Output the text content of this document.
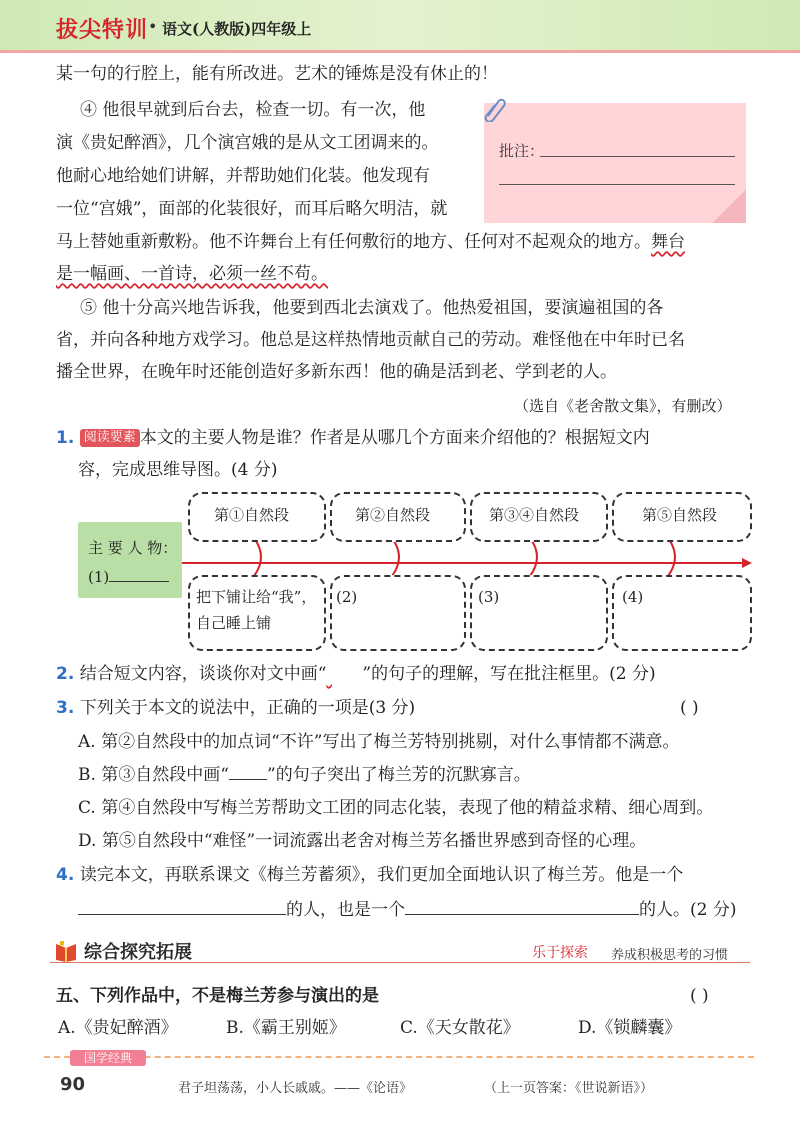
拔尖特训 • 语文(人教版)四年级上
某一句的行腔上，能有所改进。艺术的锤炼是没有休止的！
④ 他很早就到后台去，检查一切。有一次，他
演《贵妃醉酒》，几个演宫娥的是从文工团调来的。
他耐心地给她们讲解，并帮助她们化装。他发现有
一位“宫娥”，面部的化装很好，而耳后略欠明洁，就
马上替她重新敷粉。他不许舞台上有任何敷衍的地方、任何对不起观众的地方。舞台
是一幅画、一首诗，必须一丝不苟。
⑤ 他十分高兴地告诉我，他要到西北去演戏了。他热爱祖国，要演遍祖国的各
省，并向各种地方戏学习。他总是这样热情地贡献自己的劳动。难怪他在中年时已名
播全世界，在晚年时还能创造好多新东西！他的确是活到老、学到老的人。
（选自《老舍散文集》，有删改）
批注：
1. 阅读要素 本文的主要人物是谁？作者是从哪几个方面来介绍他的？根据短文内
容，完成思维导图。(4 分)
主 要 人 物：
(1)
第①自然段	第②自然段	第③④自然段	第⑤自然段
把下铺让给“我”，
自己睡上铺
(2)	(3)	(4)
2. 结合短文内容，谈谈你对文中画“ ”的句子的理解，写在批注框里。(2 分)
3. 下列关于本文的说法中，正确的一项是(3 分)	( )
A. 第②自然段中的加点词“不许”写出了梅兰芳特别挑剔，对什么事情都不满意。
B. 第③自然段中画“ ”的句子突出了梅兰芳的沉默寡言。
C. 第④自然段中写梅兰芳帮助文工团的同志化装，表现了他的精益求精、细心周到。
D. 第⑤自然段中“难怪”一词流露出老舍对梅兰芳名播世界感到奇怪的心理。
4. 读完本文，再联系课文《梅兰芳蓄须》，我们更加全面地认识了梅兰芳。他是一个
的人，也是一个	的人。(2 分)
综合探究拓展	乐于探索 养成积极思考的习惯
五、下列作品中，不是梅兰芳参与演出的是	( )
A.《贵妃醉酒》	B.《霸王别姬》	C.《天女散花》	D.《锁麟囊》
国学经典
90	君子坦荡荡，小人长戚戚。——《论语》	（上一页答案：《世说新语》）
